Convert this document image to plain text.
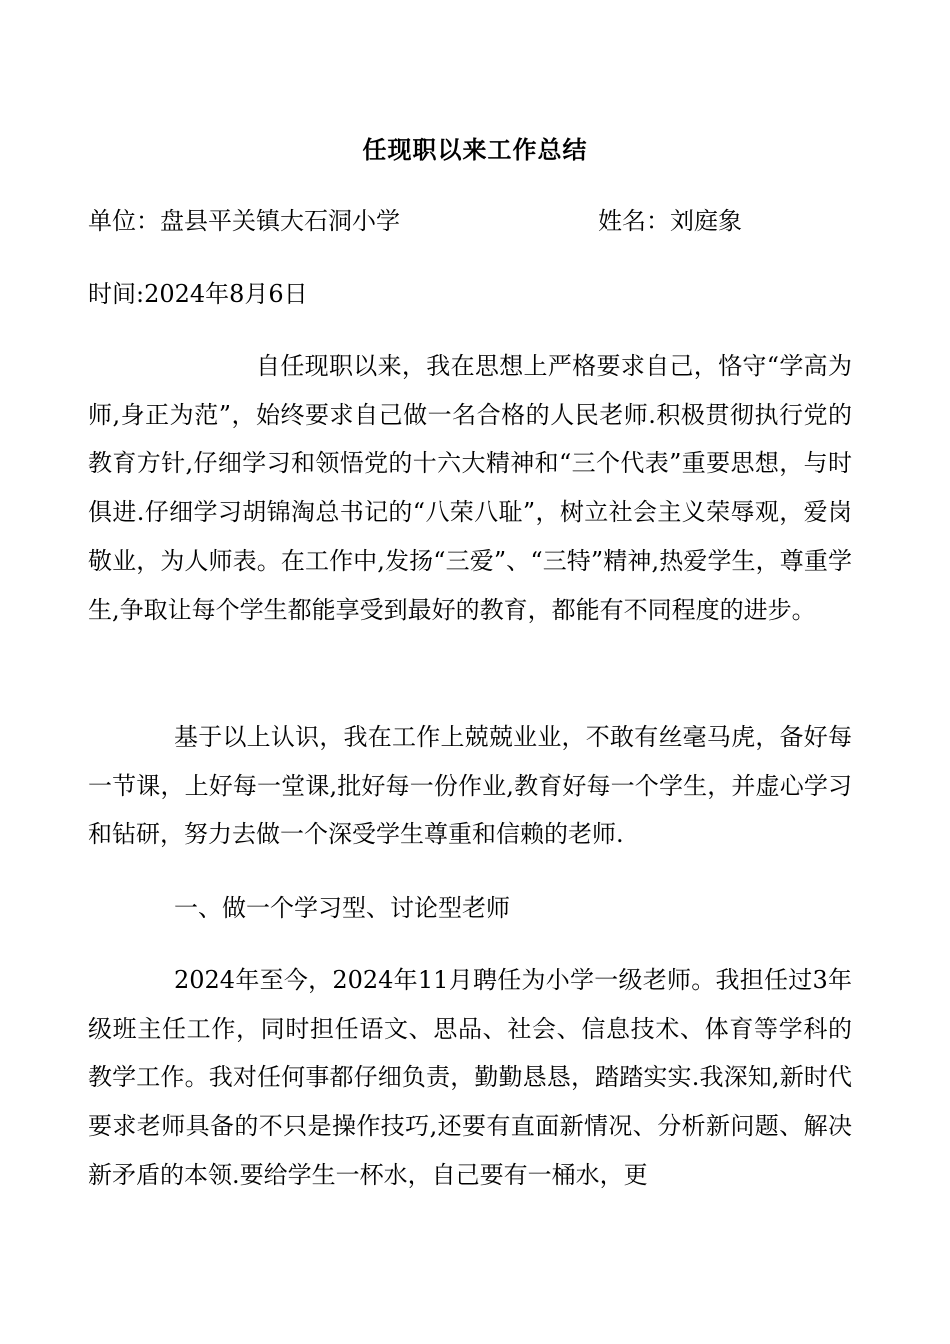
任现职以来工作总结
单位：盘县平关镇大石洞小学	姓名：刘庭象
时间:2024年8月6日

自任现职以来，我在思想上严格要求自己，恪守“学高为师,身正为范”，始终要求自己做一名合格的人民老师.积极贯彻执行党的教育方针,仔细学习和领悟党的十六大精神和“三个代表”重要思想，与时俱进.仔细学习胡锦淘总书记的“八荣八耻”，树立社会主义荣辱观，爱岗敬业，为人师表。在工作中,发扬“三爱”、“三特”精神,热爱学生，尊重学生,争取让每个学生都能享受到最好的教育，都能有不同程度的进步。

基于以上认识，我在工作上兢兢业业，不敢有丝毫马虎，备好每一节课，上好每一堂课,批好每一份作业,教育好每一个学生，并虚心学习和钻研，努力去做一个深受学生尊重和信赖的老师.

一、做一个学习型、讨论型老师

2024年至今，2024年11月聘任为小学一级老师。我担任过3年级班主任工作，同时担任语文、思品、社会、信息技术、体育等学科的教学工作。我对任何事都仔细负责，勤勤恳恳，踏踏实实.我深知,新时代要求老师具备的不只是操作技巧,还要有直面新情况、分析新问题、解决新矛盾的本领.要给学生一杯水，自己要有一桶水，更
